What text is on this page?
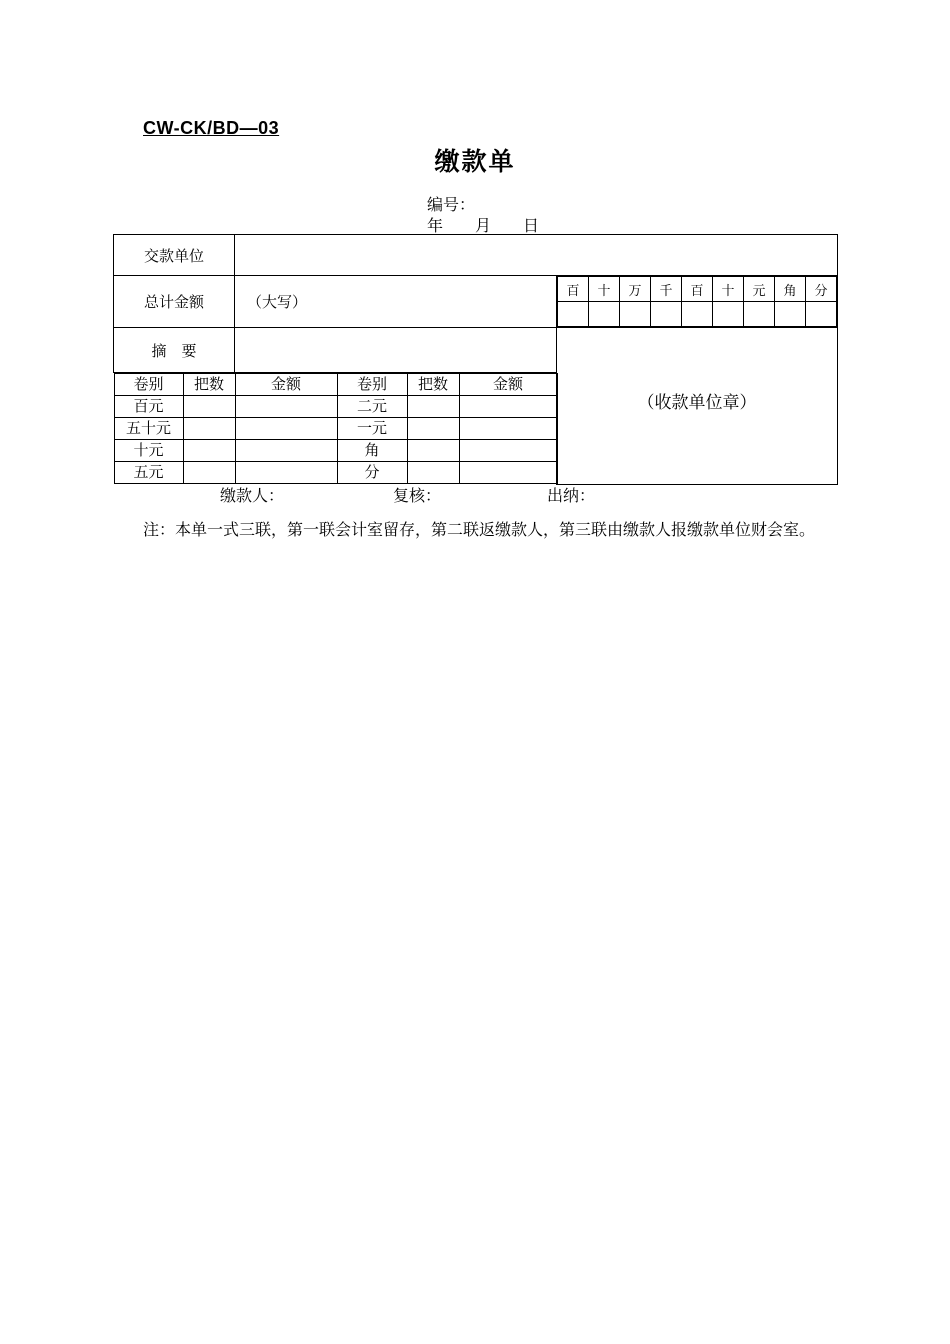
CW-CK/BD—03
缴款单
编号：
年 月 日
交款单位	
总计金额	（大写）	
百	十	万	千	百	十	元	角	分

摘　要		（收款单位章）

卷别	把数	金额	卷别	把数	金额
百元			二元		
五十元			一元		
十元			角		
五元			分		
缴款人：	复核：	出纳：
注：本单一式三联，第一联会计室留存，第二联返缴款人，第三联由缴款人报缴款单位财会室。
